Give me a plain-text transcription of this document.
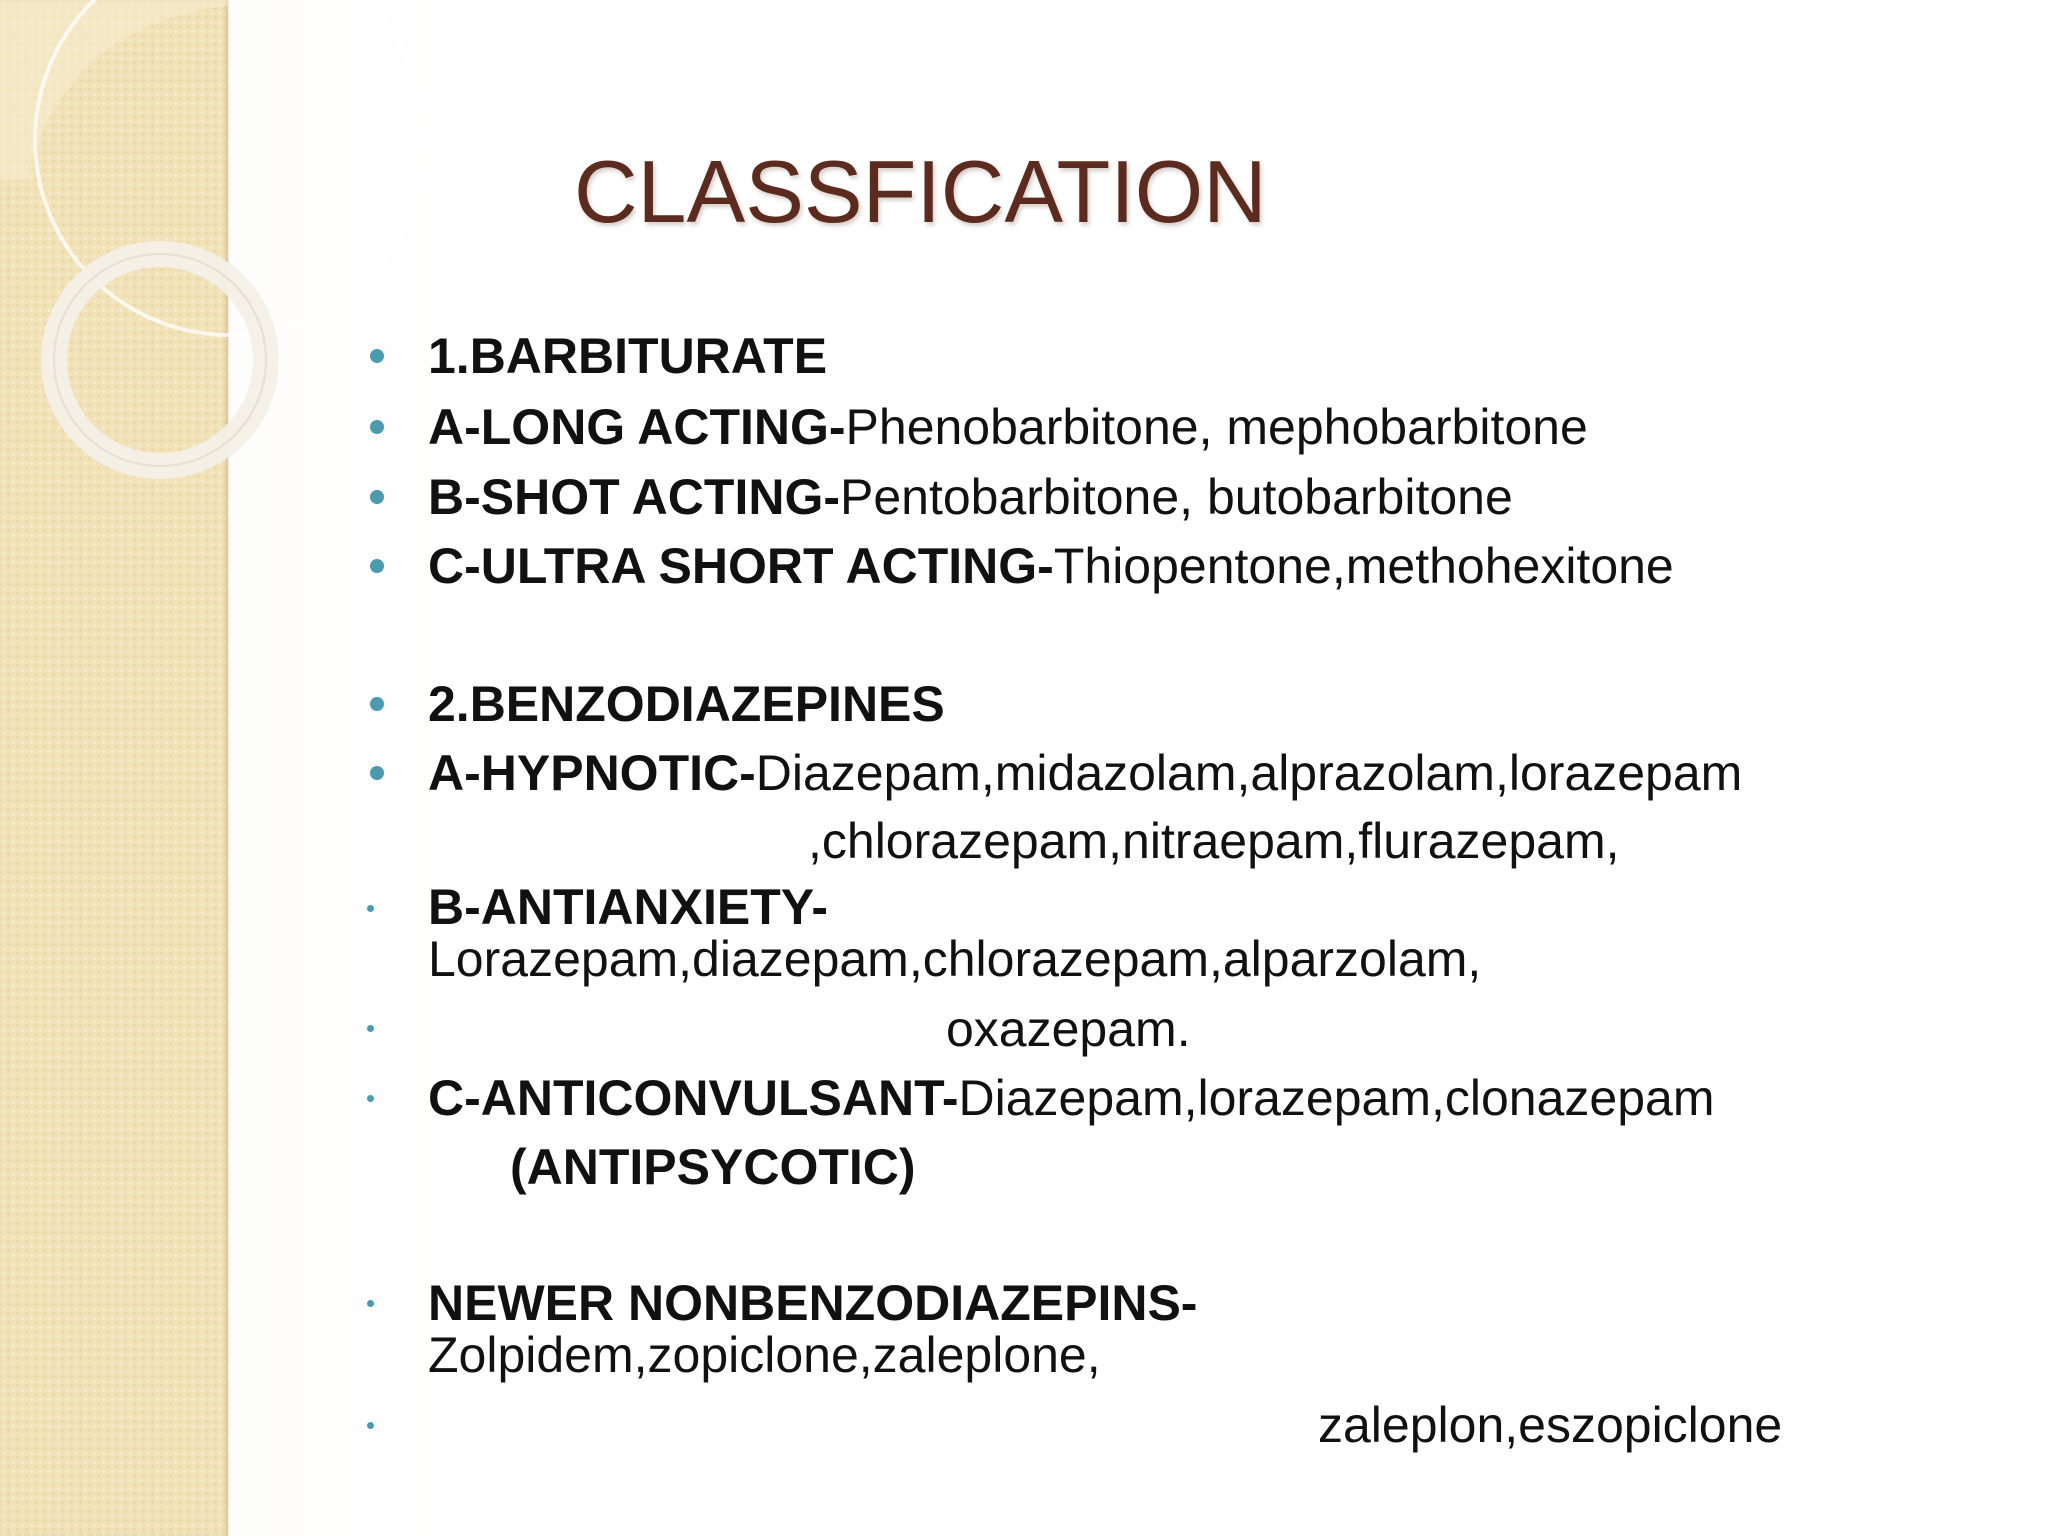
CLASSFICATION
1.BARBITURATE
A-LONG ACTING-Phenobarbitone, mephobarbitone
B-SHOT ACTING-Pentobarbitone, butobarbitone
C-ULTRA SHORT ACTING-Thiopentone,methohexitone
2.BENZODIAZEPINES
A-HYPNOTIC-Diazepam,midazolam,alprazolam,lorazepam
,chlorazepam,nitraepam,flurazepam,
B-ANTIANXIETY-
Lorazepam,diazepam,chlorazepam,alparzolam,
oxazepam.
C-ANTICONVULSANT-Diazepam,lorazepam,clonazepam
(ANTIPSYCOTIC)
NEWER NONBENZODIAZEPINS-
Zolpidem,zopiclone,zaleplone,
zaleplon,eszopiclone
